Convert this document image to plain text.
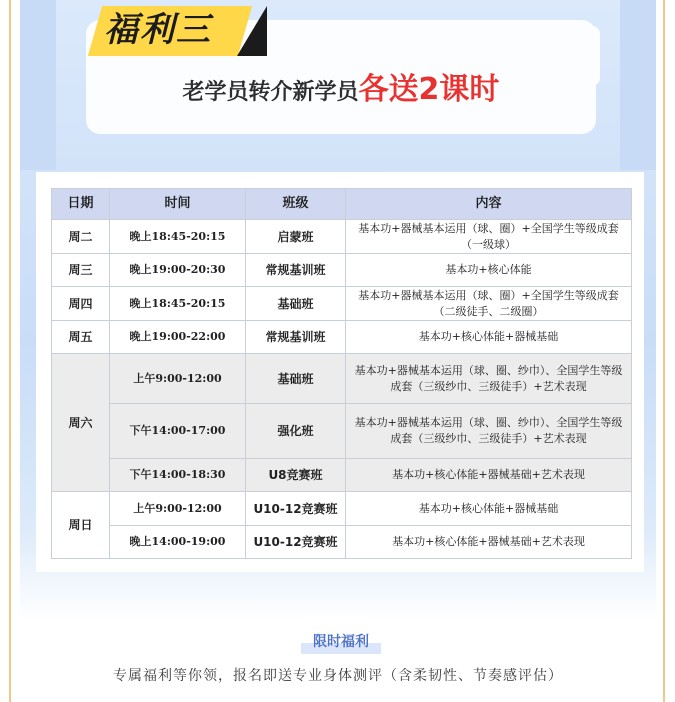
福利三
老学员转介新学员各送2课时
日期	时间	班级	内容
周二	晚上18:45-20:15	启蒙班	基本功+器械基本运用（球、圈）+全国学生等级成套（一级球）
周三	晚上19:00-20:30	常规基训班	基本功+核心体能
周四	晚上18:45-20:15	基础班	基本功+器械基本运用（球、圈）+全国学生等级成套（二级徒手、二级圈）
周五	晚上19:00-22:00	常规基训班	基本功+核心体能+器械基础
周六	上午9:00-12:00	基础班	基本功+器械基本运用（球、圈、纱巾）、全国学生等级成套（三级纱巾、三级徒手）+艺术表现
	下午14:00-17:00	强化班	基本功+器械基本运用（球、圈、纱巾）、全国学生等级成套（三级纱巾、三级徒手）+艺术表现
	下午14:00-18:30	U8竞赛班	基本功+核心体能+器械基础+艺术表现
周日	上午9:00-12:00	U10-12竞赛班	基本功+核心体能+器械基础
	晚上14:00-19:00	U10-12竞赛班	基本功+核心体能+器械基础+艺术表现
限时福利
专属福利等你领，报名即送专业身体测评（含柔韧性、节奏感评估）
